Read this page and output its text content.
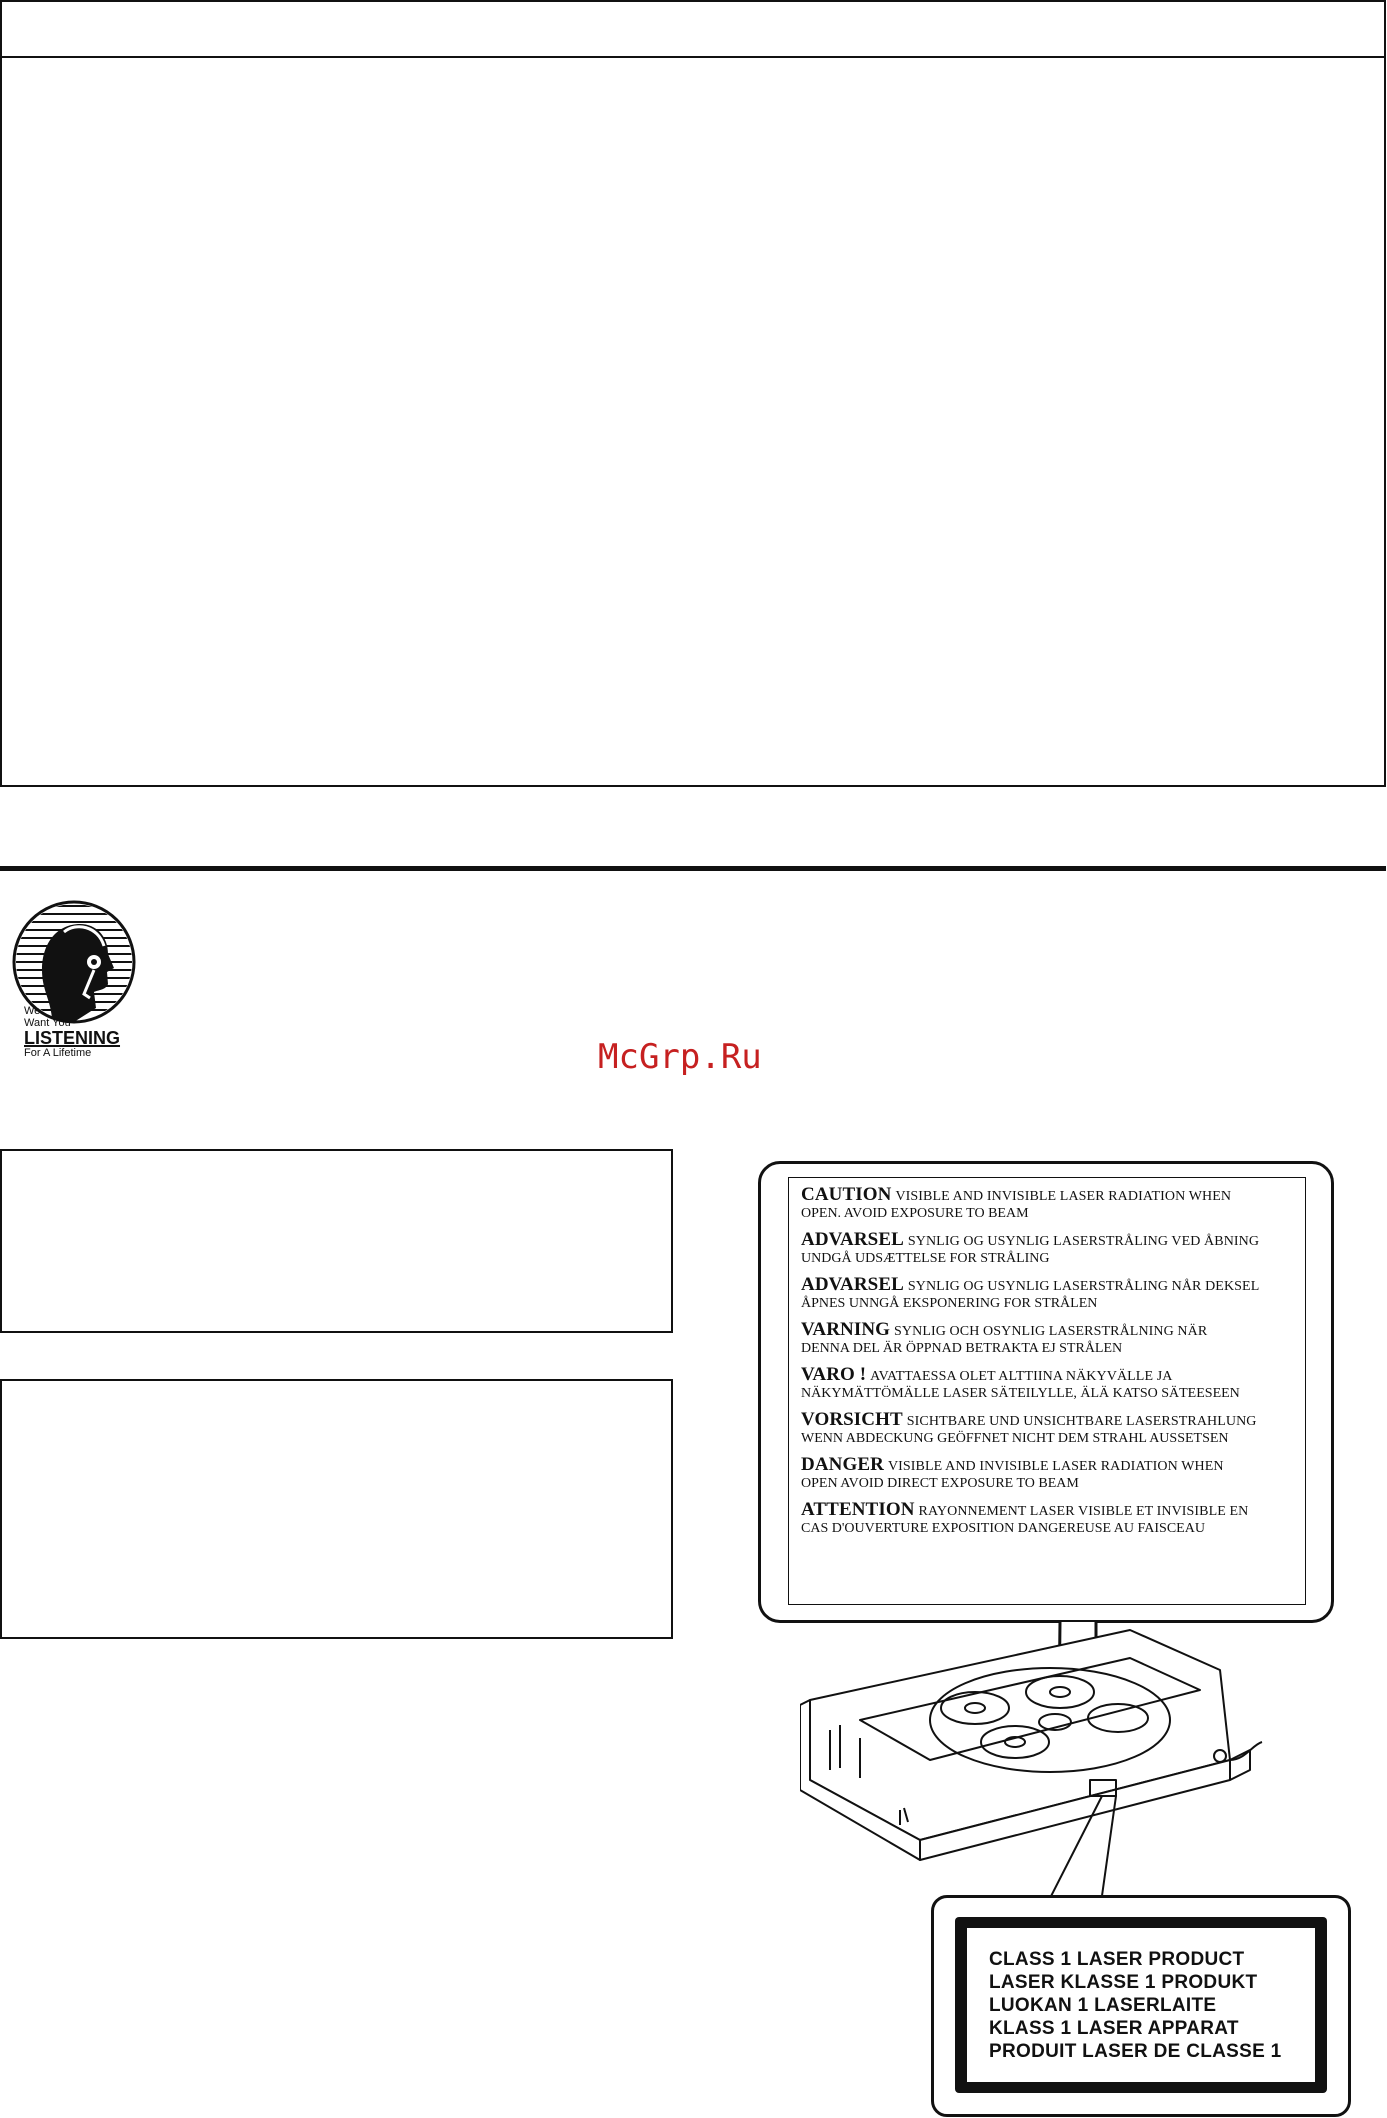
We
Want You
LISTENING
For A Lifetime	McGrp.Ru
CAUTION VISIBLE AND INVISIBLE LASER RADIATION WHEN
OPEN. AVOID EXPOSURE TO BEAM
ADVARSEL SYNLIG OG USYNLIG LASERSTRÅLING VED ÅBNING
UNDGÅ UDSÆTTELSE FOR STRÅLING
ADVARSEL SYNLIG OG USYNLIG LASERSTRÅLING NÅR DEKSEL
ÅPNES UNNGÅ EKSPONERING FOR STRÅLEN
VARNING SYNLIG OCH OSYNLIG LASERSTRÅLNING NÄR
DENNA DEL ÄR ÖPPNAD BETRAKTA EJ STRÅLEN
VARO ! AVATTAESSA OLET ALTTIINA NÄKYVÄLLE JA
NÄKYMÄTTÖMÄLLE LASER SÄTEILYLLE, ÄLÄ KATSO SÄTEESEEN
VORSICHT SICHTBARE UND UNSICHTBARE LASERSTRAHLUNG
WENN ABDECKUNG GEÖFFNET NICHT DEM STRAHL AUSSETSEN
DANGER VISIBLE AND INVISIBLE LASER RADIATION WHEN
OPEN AVOID DIRECT EXPOSURE TO BEAM
ATTENTION RAYONNEMENT LASER VISIBLE ET INVISIBLE EN
CAS D'OUVERTURE EXPOSITION DANGEREUSE AU FAISCEAU
CLASS 1 LASER PRODUCT
LASER KLASSE 1 PRODUKT
LUOKAN 1 LASERLAITE
KLASS 1 LASER APPARAT
PRODUIT LASER DE CLASSE 1
